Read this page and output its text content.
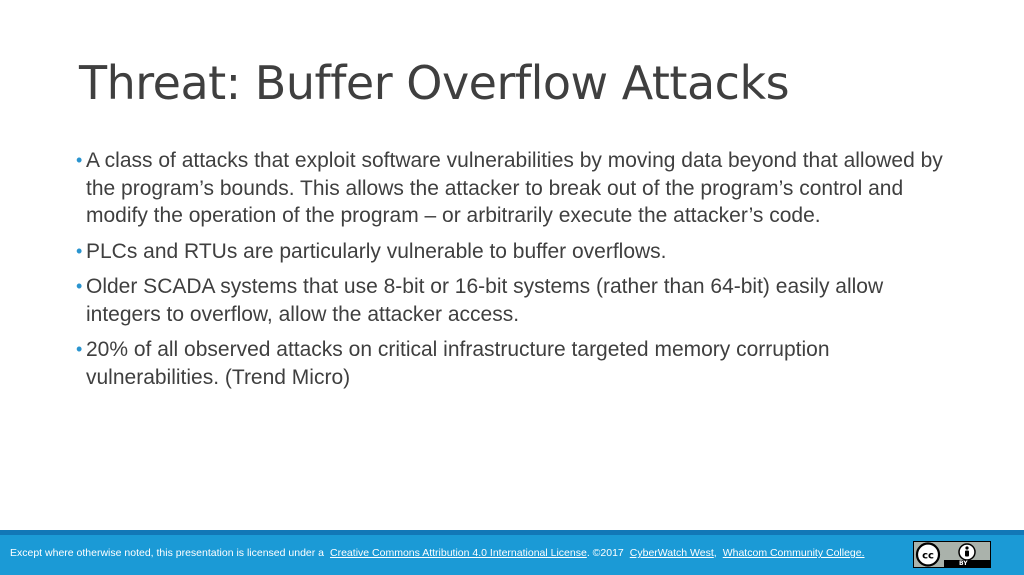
Threat: Buffer Overflow Attacks
• A class of attacks that exploit software vulnerabilities by moving data beyond that allowed by the program’s bounds. This allows the attacker to break out of the program’s control and modify the operation of the program – or arbitrarily execute the attacker’s code.
• PLCs and RTUs are particularly vulnerable to buffer overflows.
• Older SCADA systems that use 8-bit or 16-bit systems (rather than 64-bit) easily allow integers to overflow, allow the attacker access.
• 20% of all observed attacks on critical infrastructure targeted memory corruption vulnerabilities. (Trend Micro)
Except where otherwise noted, this presentation is licensed under a Creative Commons Attribution 4.0 International License. ©2017 CyberWatch West, Whatcom Community College.	cc
BY
